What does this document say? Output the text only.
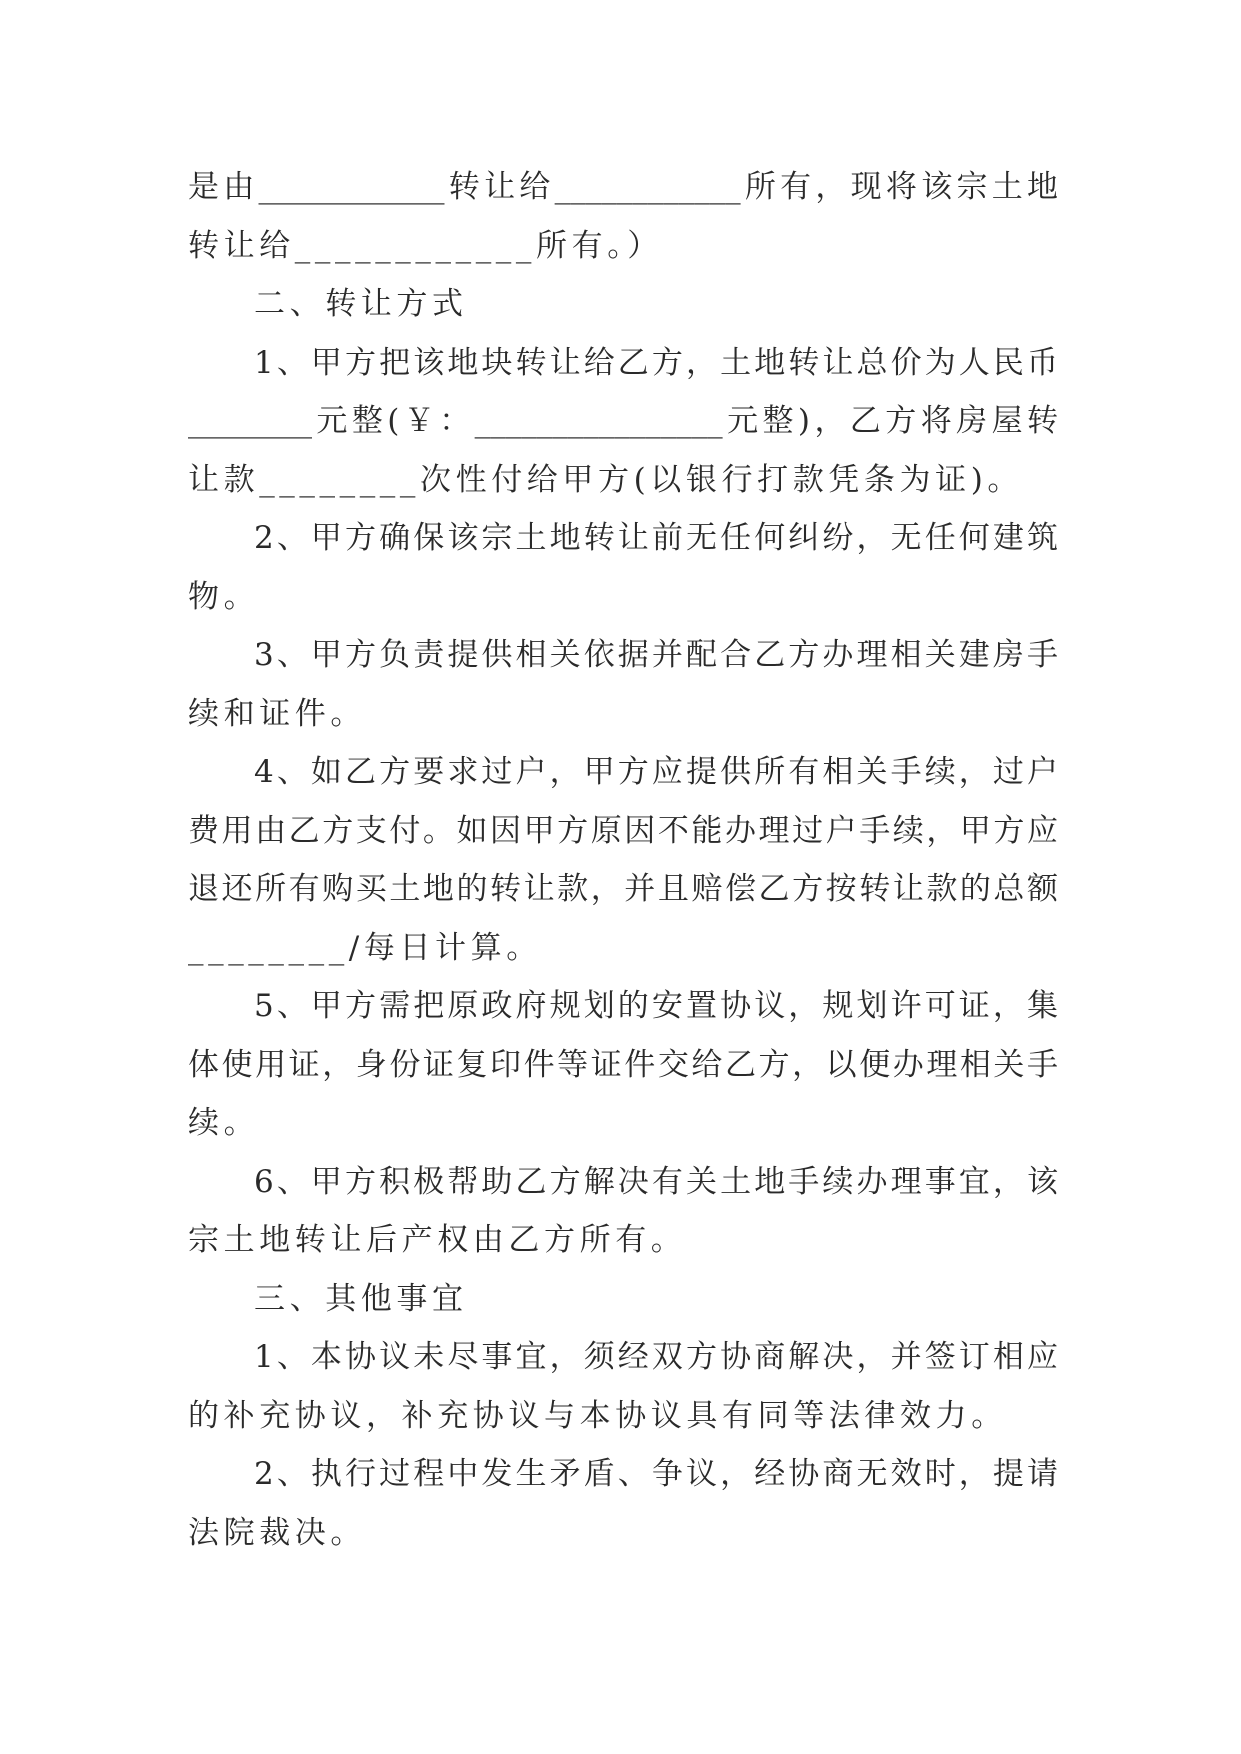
是由____________转让给____________所有，现将该宗土地
转让给____________所有。）
二、转让方式
1、甲方把该地块转让给乙方，土地转让总价为人民币
________元整(￥：________________元整)，乙方将房屋转
让款________次性付给甲方(以银行打款凭条为证)。
2、甲方确保该宗土地转让前无任何纠纷，无任何建筑
物。
3、甲方负责提供相关依据并配合乙方办理相关建房手
续和证件。
4、如乙方要求过户，甲方应提供所有相关手续，过户
费用由乙方支付。如因甲方原因不能办理过户手续，甲方应
退还所有购买土地的转让款，并且赔偿乙方按转让款的总额
________/每日计算。
5、甲方需把原政府规划的安置协议，规划许可证，集
体使用证，身份证复印件等证件交给乙方，以便办理相关手
续。
6、甲方积极帮助乙方解决有关土地手续办理事宜，该
宗土地转让后产权由乙方所有。
三、其他事宜
1、本协议未尽事宜，须经双方协商解决，并签订相应
的补充协议，补充协议与本协议具有同等法律效力。
2、执行过程中发生矛盾、争议，经协商无效时，提请
法院裁决。
